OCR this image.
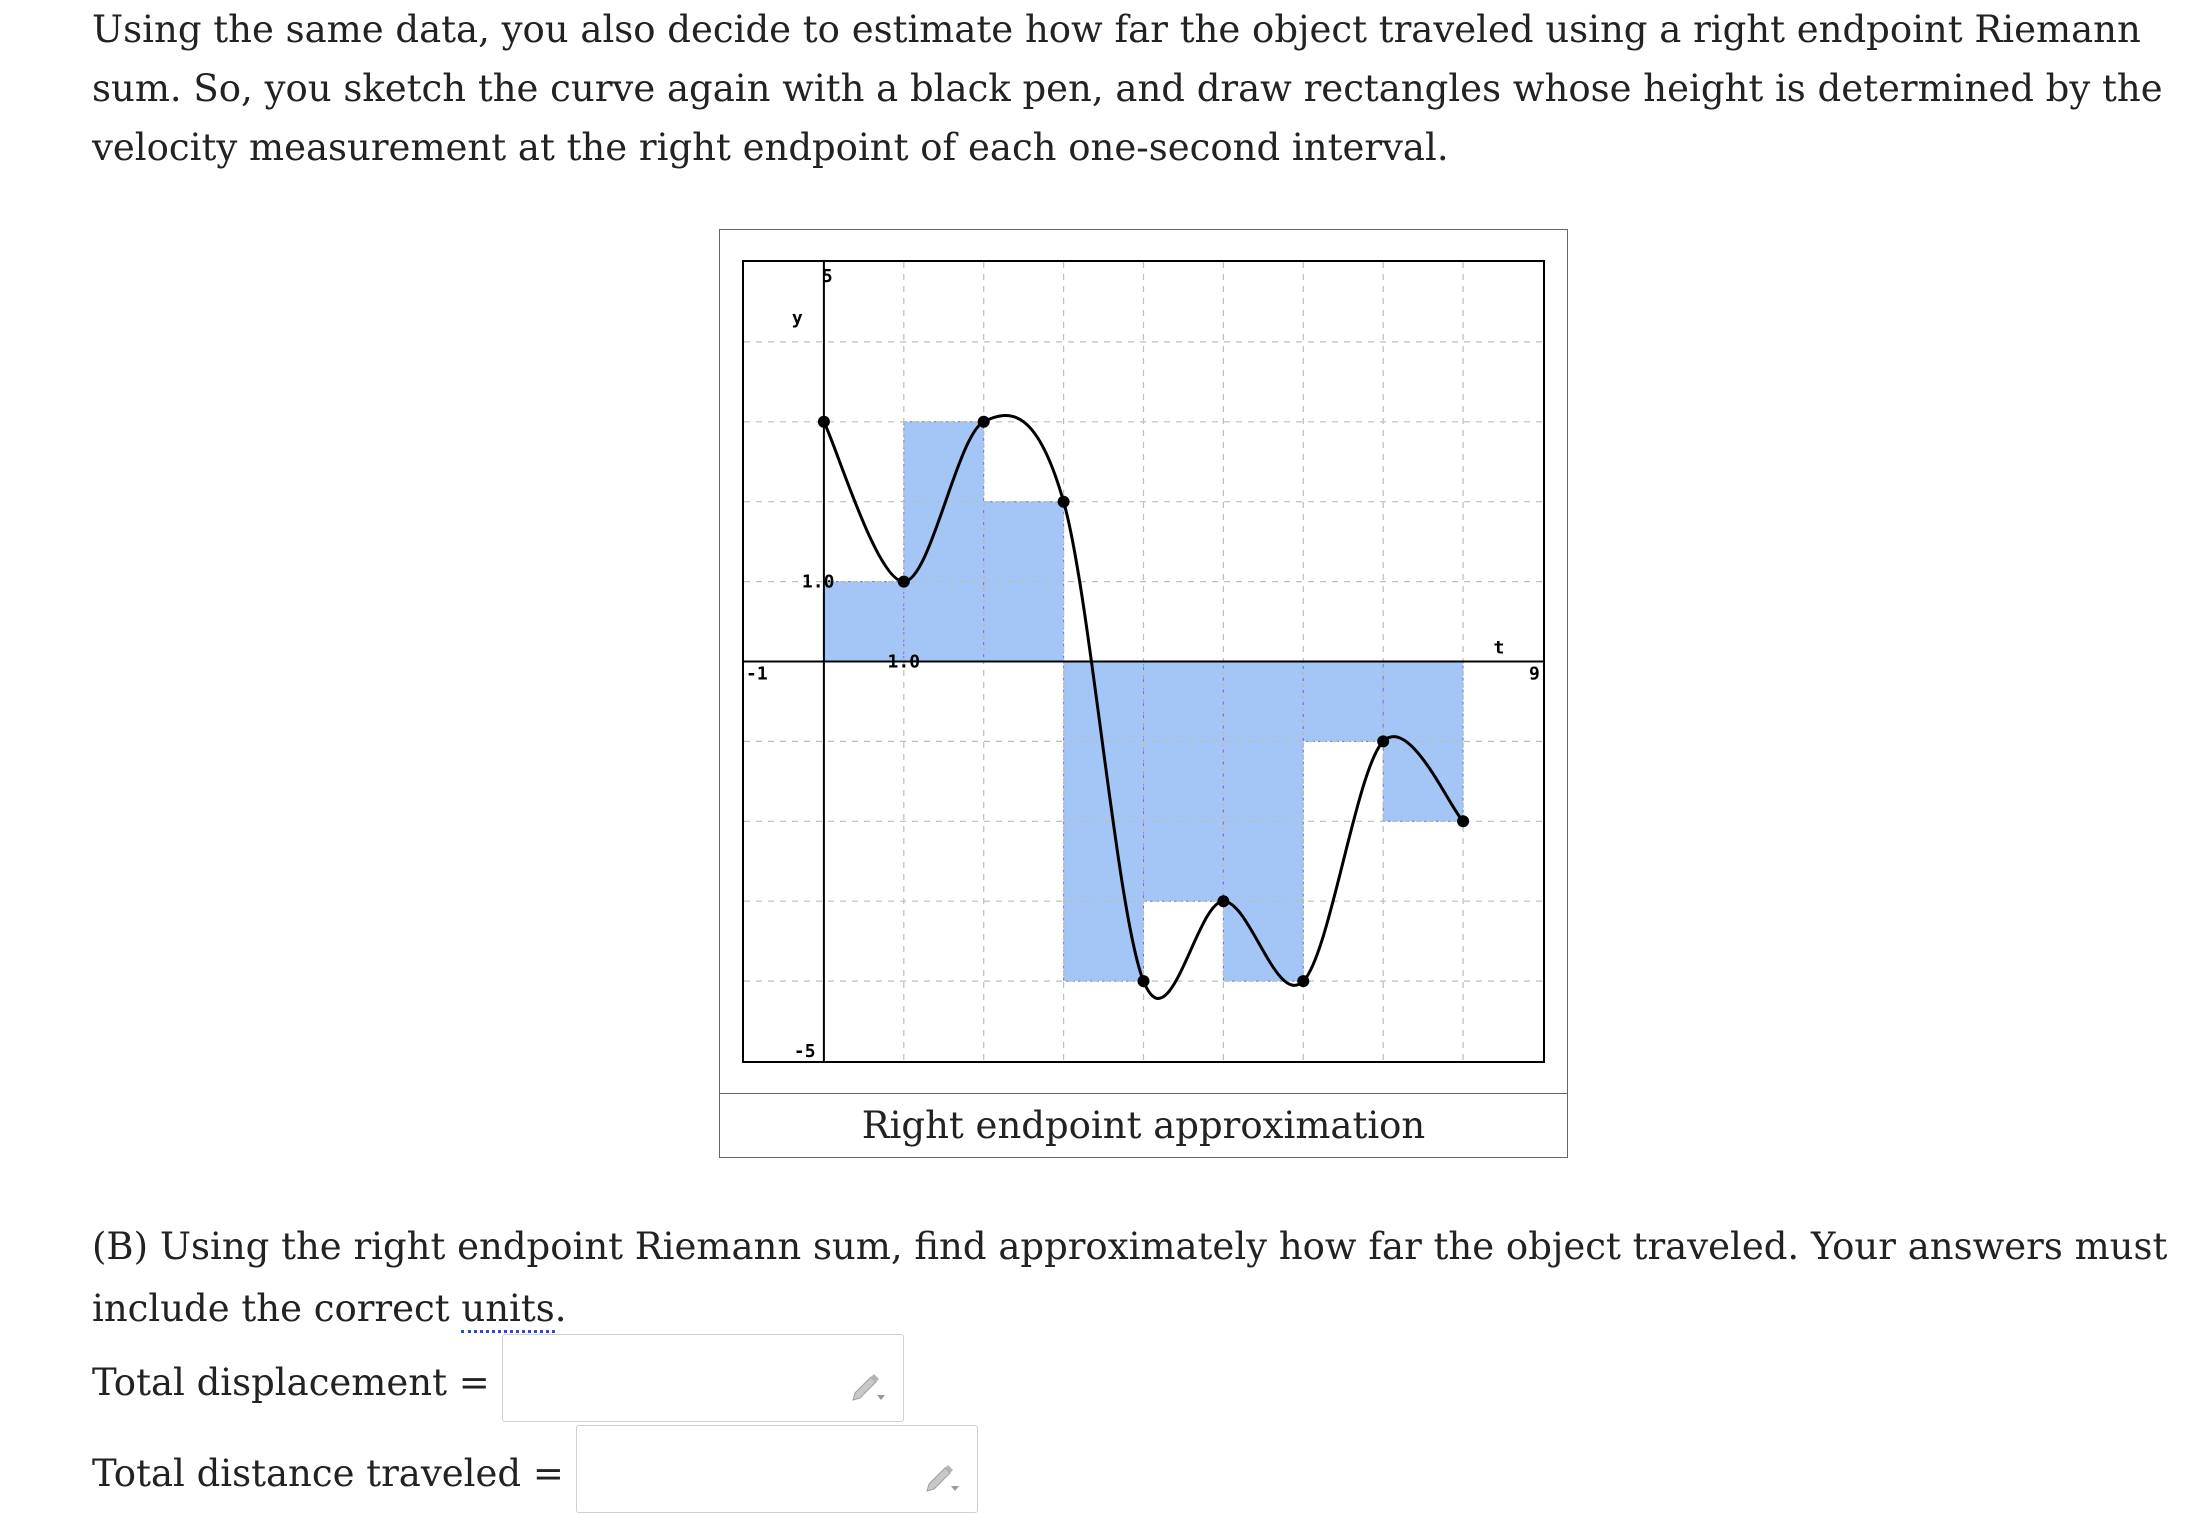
Using the same data, you also decide to estimate how far the object traveled using a right endpoint Riemann sum. So, you sketch the curve again with a black pen, and draw rectangles whose height is determined by the velocity measurement at the right endpoint of each one-second interval.

5
y
1.0
-1
1.0
t
9
-5
Right endpoint approximation

(B) Using the right endpoint Riemann sum, find approximately how far the object traveled. Your answers must include the correct units.

Total displacement =
Total distance traveled =
